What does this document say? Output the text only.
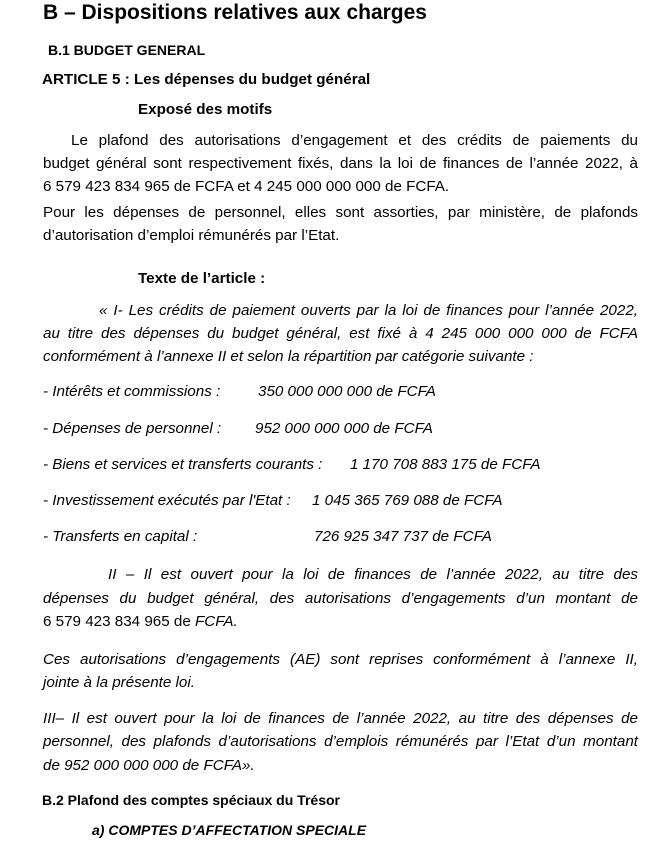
B – Dispositions relatives aux charges
B.1 BUDGET GENERAL
ARTICLE 5 : Les dépenses du budget général
Exposé des motifs
Le plafond des autorisations d’engagement et des crédits de paiements du
budget général sont respectivement fixés, dans la loi de finances de l’année 2022, à
6 579 423 834 965 de FCFA et 4 245 000 000 000 de FCFA.
Pour les dépenses de personnel, elles sont assorties, par ministère, de plafonds
d’autorisation d’emploi rémunérés par l’Etat.
Texte de l’article :
« I- Les crédits de paiement ouverts par la loi de finances pour l’année 2022,
au titre des dépenses du budget général, est fixé à 4 245 000 000 000 de FCFA
conformément à l’annexe II et selon la répartition par catégorie suivante :
- Intérêts et commissions :	350 000 000 000 de FCFA
- Dépenses de personnel :	952 000 000 000 de FCFA
- Biens et services et transferts courants :	1 170 708 883 175 de FCFA
- Investissement exécutés par l'Etat :	1 045 365 769 088 de FCFA
- Transferts en capital :	726 925 347 737 de FCFA
II – Il est ouvert pour la loi de finances de l’année 2022, au titre des
dépenses du budget général, des autorisations d’engagements d’un montant de
6 579 423 834 965 de FCFA.
Ces autorisations d’engagements (AE) sont reprises conformément à l’annexe II,
jointe à la présente loi.
III– Il est ouvert pour la loi de finances de l’année 2022, au titre des dépenses de
personnel, des plafonds d’autorisations d’emplois rémunérés par l’Etat d’un montant
de 952 000 000 000 de FCFA».
B.2 Plafond des comptes spéciaux du Trésor
a) COMPTES D’AFFECTATION SPECIALE
